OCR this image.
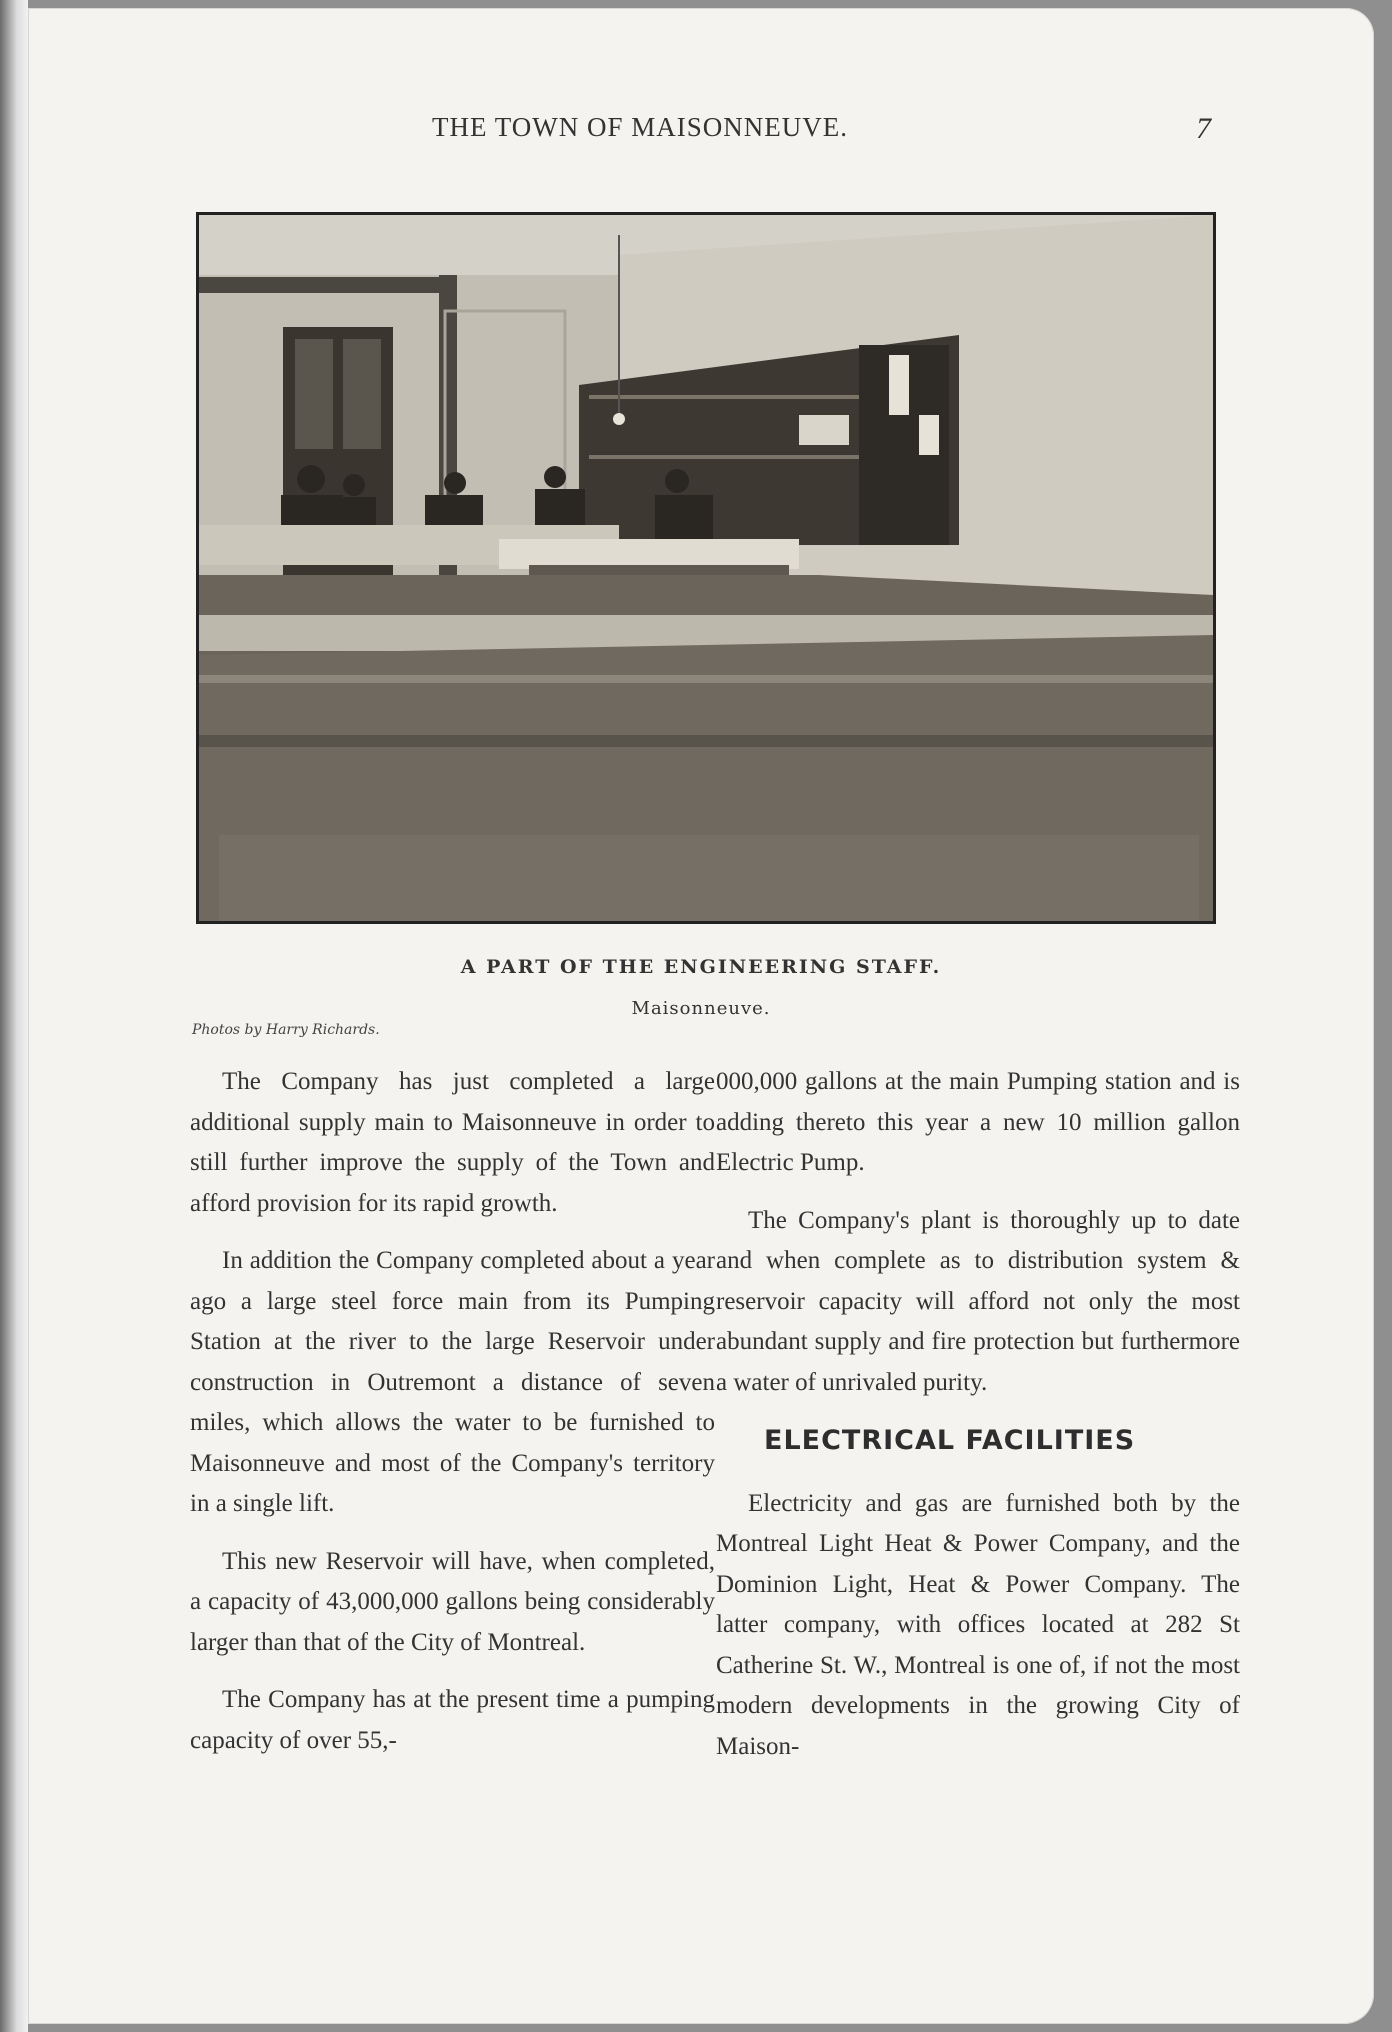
THE TOWN OF MAISONNEUVE.	7
A PART OF THE ENGINEERING STAFF.
Maisonneuve.
Photos by Harry Richards.

The Company has just completed a large additional supply main to Maisonneuve in order to still further improve the supply of the Town and afford provision for its rapid growth.

In addition the Company completed about a year ago a large steel force main from its Pumping Station at the river to the large Reservoir under construction in Outremont a distance of seven miles, which allows the water to be furnished to Maisonneuve and most of the Company's territory in a single lift.

This new Reservoir will have, when completed, a capacity of 43,000,000 gallons being considerably larger than that of the City of Montreal.

The Company has at the present time a pumping capacity of over 55,-

000,000 gallons at the main Pumping station and is adding thereto this year a new 10 million gallon Electric Pump.

The Company's plant is thoroughly up to date and when complete as to distribution system & reservoir capacity will afford not only the most abundant supply and fire protection but furthermore a water of unrivaled purity.

ELECTRICAL FACILITIES

Electricity and gas are furnished both by the Montreal Light Heat & Power Company, and the Dominion Light, Heat & Power Company. The latter company, with offices located at 282 St Catherine St. W., Montreal is one of, if not the most modern developments in the growing City of Maison-
